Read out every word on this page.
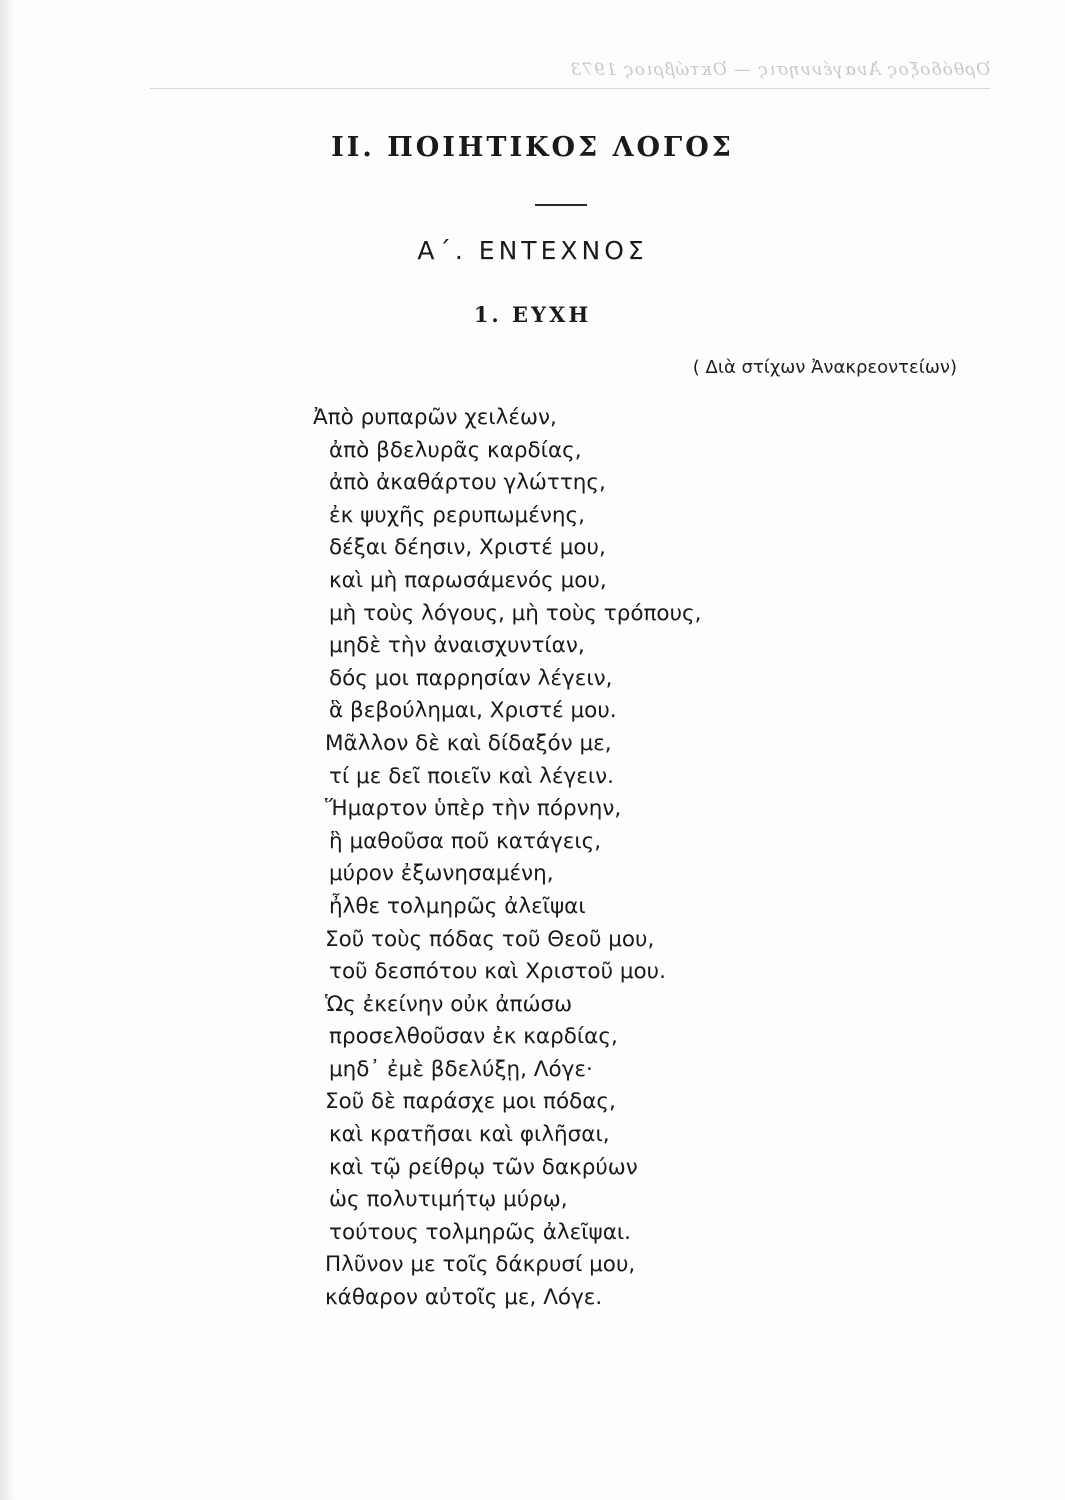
Ὀρθόδοξος Ἀναγέννησις — Ὀκτώβριος 1973
ΙΙ. ΠΟΙΗΤΙΚΟΣ ΛΟΓΟΣ
Α΄. ΕΝΤΕΧΝΟΣ
1. ΕΥΧΗ
( Διὰ στίχων Ἀνακρεοντείων)
Ἀπὸ ρυπαρῶν χειλέων,
ἀπὸ βδελυρᾶς καρδίας,
ἀπὸ ἀκαθάρτου γλώττης,
ἐκ ψυχῆς ρερυπωμένης,
δέξαι δέησιν, Χριστέ μου,
καὶ μὴ παρωσάμενός μου,
μὴ τοὺς λόγους, μὴ τοὺς τρόπους,
μηδὲ τὴν ἀναισχυντίαν,
δός μοι παρρησίαν λέγειν,
ἃ βεβούλημαι, Χριστέ μου.
Μᾶλλον δὲ καὶ δίδαξόν με,
τί με δεῖ ποιεῖν καὶ λέγειν.
Ἥμαρτον ὑπὲρ τὴν πόρνην,
ἣ μαθοῦσα ποῦ κατάγεις,
μύρον ἐξωνησαμένη,
ἦλθε τολμηρῶς ἀλεῖψαι
Σοῦ τοὺς πόδας τοῦ Θεοῦ μου,
τοῦ δεσπότου καὶ Χριστοῦ μου.
Ὡς ἐκείνην οὐκ ἀπώσω
προσελθοῦσαν ἐκ καρδίας,
μηδ᾽ ἐμὲ βδελύξῃ, Λόγε·
Σοῦ δὲ παράσχε μοι πόδας,
καὶ κρατῆσαι καὶ φιλῆσαι,
καὶ τῷ ρείθρῳ τῶν δακρύων
ὡς πολυτιμήτῳ μύρῳ,
τούτους τολμηρῶς ἀλεῖψαι.
Πλῦνον με τοῖς δάκρυσί μου,
κάθαρον αὐτοῖς με, Λόγε.
